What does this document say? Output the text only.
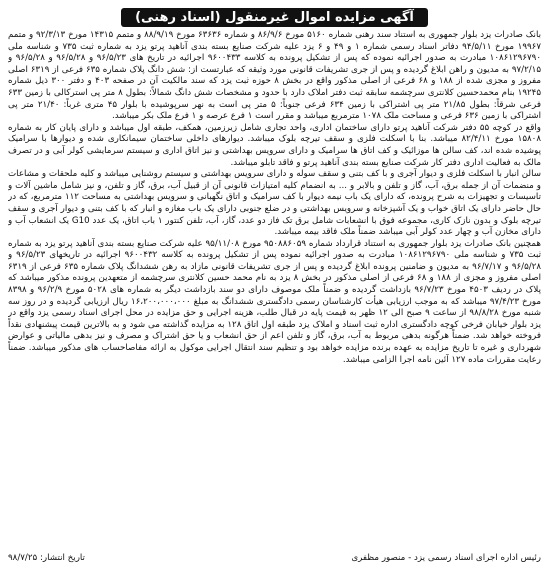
آگهی مزایده اموال غیرمنقول (اسناد رهنی)

بانک صادرات یزد بلوار جمهوری به استناد سند رهنی شماره ۵۱۶۰ مورخ ۸۶/۹/۶ و شماره ۶۳۶۳۶ مورخ ۸۸/۹/۱۹ و متمم ۱۴۳۱۵ مورخ ۹۲/۳/۱۳ و متمم ۱۹۹۶۷ مورخ ۹۴/۵/۱۱ دفاتر اسناد رسمی شماره ۱ و ۴۹ و ۶ یزد علیه شرکت صنایع بسته بندی آناهید پرتو یزد به شماره ثبت ۷۳۵ و شناسه ملی ۱۰۸۶۱۲۹۶۷۹۰ مبادرت به صدور اجرائیه نموده که پس از تشکیل پرونده به کلاسه ۹۶۰۰۴۳۳ اجرائیه در تاریخ های ۹۶/۵/۲۳ و ۹۶/۵/۲۸ و ۹۶/۵/۲۸ و ۹۷/۲/۱۵ به مدیون و راهن ابلاغ گردیده و پس از جری تشریفات قانونی مورد وثیقه که عبارتست از: شش دانگ پلاک شماره ۶۳۵ فرعی از ۶۳۱۹ اصلی مفروز و مجزی شده از ۱۸۸ و ۶۸ فرعی از اصلی مذکور واقع در بخش ۸ حوزه ثبت یزد که سند مالکیت آن در صفحه ۴۰۳ و دفتر ۳۰۰ ذیل شماره ۱۹۲۴۵ بنام محمدحسین کلانتری سرچشمه سابقه ثبت دفتر املاک دارد با حدود و مشخصات شش دانگ شمالاً: بطول ۸ متر پی استرکالی با زمین ۶۳۳ فرعی شرقاً: بطول ۲۱/۸۵ متر پی اشتراکی با زمین ۶۳۴ فرعی جنوباً: ۵ متر پی است به نهر سرپوشیده با بلوار ۴۵ متری غرباً: ۲۱/۴۰ متر پی اشتراکی با زمین ۶۳۶ فرعی و مساحت ملک ۱۰۷۸ مترمربع میباشد و مقرر است ۱ فرع عرصه و ۱ فرع ملک بکر میباشد.

واقع در کوچه ۵۵ دفتر شرکت آناهید پرتو دارای ساختمان اداری، واحد تجاری شامل زیرزمین، همکف، طبقه اول میباشد و دارای پایان کار به شماره ۱۵۸۰۸ مورخ ۸۲/۴/۱۱ میباشد. بنا با اسکلت فلزی و سقف تیرچه بلوک میباشد. دیوارهای داخلی ساختمان سیمانکاری شده و دیوارها با سرامیک پوشیده شده اند، کف سالن ها موزائیک و کف اتاق ها سرامیک و دارای سرویس بهداشتی و نیز اتاق اداری و سیستم سرمایشی کولر آبی و در تصرف مالک به فعالیت اداری دفتر کار شرکت صنایع بسته بندی آناهید پرتو و فاقد تابلو میباشد.

سالن انبار با اسکلت فلزی و دیوار آجری و با کف بتنی و سقف سوله و دارای سرویس بهداشتی و سیستم روشنایی میباشد و کلیه ملحقات و مشاعات و منضمات آن از جمله برق، آب، گاز و تلفن و بالابر و ... به انضمام کلیه امتیازات قانونی آن از قبیل آب، برق، گاز و تلفن، و نیز شامل ماشین آلات و تاسیسات و تجهیزات به شرح پرونده، که دارای یک باب نیمه دیوار با کف سرامیک و اتاق نگهبانی و سرویس بهداشتی به مساحت ۱۱۲ مترمربع، که در حال حاضر دارای یک اتاق خواب و یک آشپزخانه و سرویس بهداشتی و در ضلع جنوبی دارای یک باب مغازه و انبار که با کف بتنی و دیوار آجری و سقف تیرچه بلوک و بدون نازک کاری، مجموعه فوق با انشعابات شامل برق تک فاز دو عدد، گاز، آب، تلفن کنتور ۱ باب اتاق، یک عدد G10 یک انشعاب آب و دارای مخازن آب و چهار عدد کولر آبی میباشد ضمناً ملک فاقد بیمه میباشد.

همچنین بانک صادرات یزد بلوار جمهوری به استناد قرارداد شماره ۹۵۰۸۸۶۰۵۹ مورخ ۹۵/۱۱/۰۸ علیه شرکت صنایع بسته بندی آناهید پرتو یزد به شماره ثبت ۷۳۵ و شناسه ملی ۱۰۸۶۱۲۹۶۷۹۰ مبادرت به صدور اجرائیه نموده پس از تشکیل پرونده به کلاسه ۹۶۰۰۴۳۲ اجرائیه در تاریخهای ۹۶/۵/۲۳ و ۹۶/۵/۲۸ و ۹۶/۷/۱۷ به مدیون و ضامنین پرونده ابلاغ گردیده و پس از جری تشریفات قانونی مازاد به رهن ششدانگ پلاک شماره ۶۳۵ فرعی از ۶۳۱۹ اصلی مفروز و مجزی از ۱۸۸ و ۶۸ فرعی از اصلی مذکور در بخش ۸ یزد به نام محمد حسین کلانتری سرچشمه از متعهدین پرونده مذکور میباشد که پلاک در ردیف ۴۵۰۳ مورخ ۹۶/۷/۲۳ بازداشت گردیده و ضمناً ملک موصوف دارای دو سند بازداشت دیگر به شماره های ۵۰۲۸ مورخ ۹۶/۲/۹ و ۸۳۹۸ مورخ ۹۷/۴/۲۳ میباشد که به موجب ارزیابی هیأت کارشناسان رسمی دادگستری ششدانگ به مبلغ ۱۶،۲۰۰،۰۰۰،۰۰۰ ریال ارزیابی گردیده و در روز سه شنبه مورخ ۹۸/۸/۲۸ از ساعت ۹ صبح الی ۱۲ ظهر به قیمت پایه در قبال طلب، هزینه اجرایی و حق مزایده در محل اجرای اسناد رسمی یزد واقع در یزد بلوار خیابان فرخی کوچه دادگستری اداره ثبت اسناد و املاک یزد طبقه اول اتاق ۱۲۸ به مزایده گذاشته می شود و به بالاترین قیمت پیشنهادی نقداً فروخته خواهد شد. ضمناً هرگونه بدهی مربوط به آب، برق، گاز و تلفن اعم از حق انشعاب و یا حق اشتراک و مصرف و نیز بدهی مالیاتی و عوارض شهرداری و غیره تا تاریخ مزایده به عهده برنده مزایده خواهد بود و تنظیم سند انتقال اجرایی موکول به ارائه مفاصاحساب های مذکور میباشد. ضمناً رعایت مقررات ماده ۱۲۷ آئین نامه اجرا الزامی میباشد.

رئیس اداره اجرای اسناد رسمی یزد - منصور مظفری
تاریخ انتشار: ۹۸/۷/۲۵
